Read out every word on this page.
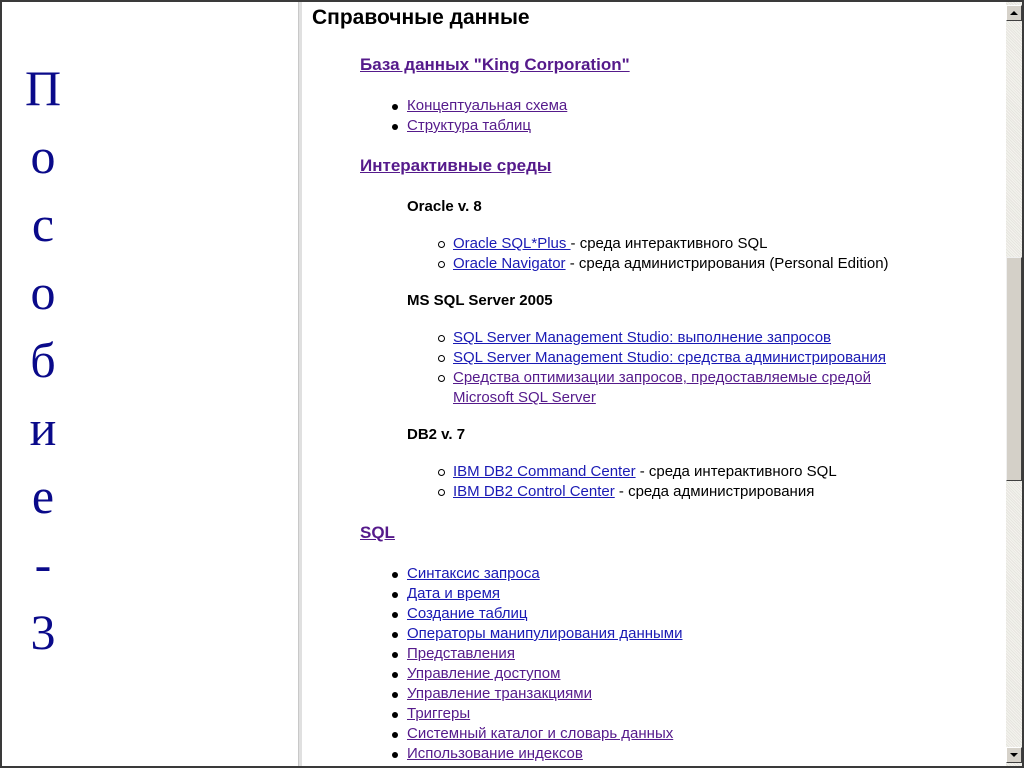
П
о
с
о
б
и
е
-
3
Справочные данные
База данных "King Corporation"
Концептуальная схема
Структура таблиц
Интерактивные среды
Oracle v. 8
Oracle SQL*Plus - среда интерактивного SQL
Oracle Navigator - среда администрирования (Personal Edition)
MS SQL Server 2005
SQL Server Management Studio: выполнение запросов
SQL Server Management Studio: средства администрирования
Средства оптимизации запросов, предоставляемые средой Microsoft SQL Server
DB2 v. 7
IBM DB2 Command Center - среда интерактивного SQL
IBM DB2 Control Center - среда администрирования
SQL
Синтаксис запроса
Дата и время
Создание таблиц
Операторы манипулирования данными
Представления
Управление доступом
Управление транзакциями
Триггеры
Системный каталог и словарь данных
Использование индексов
